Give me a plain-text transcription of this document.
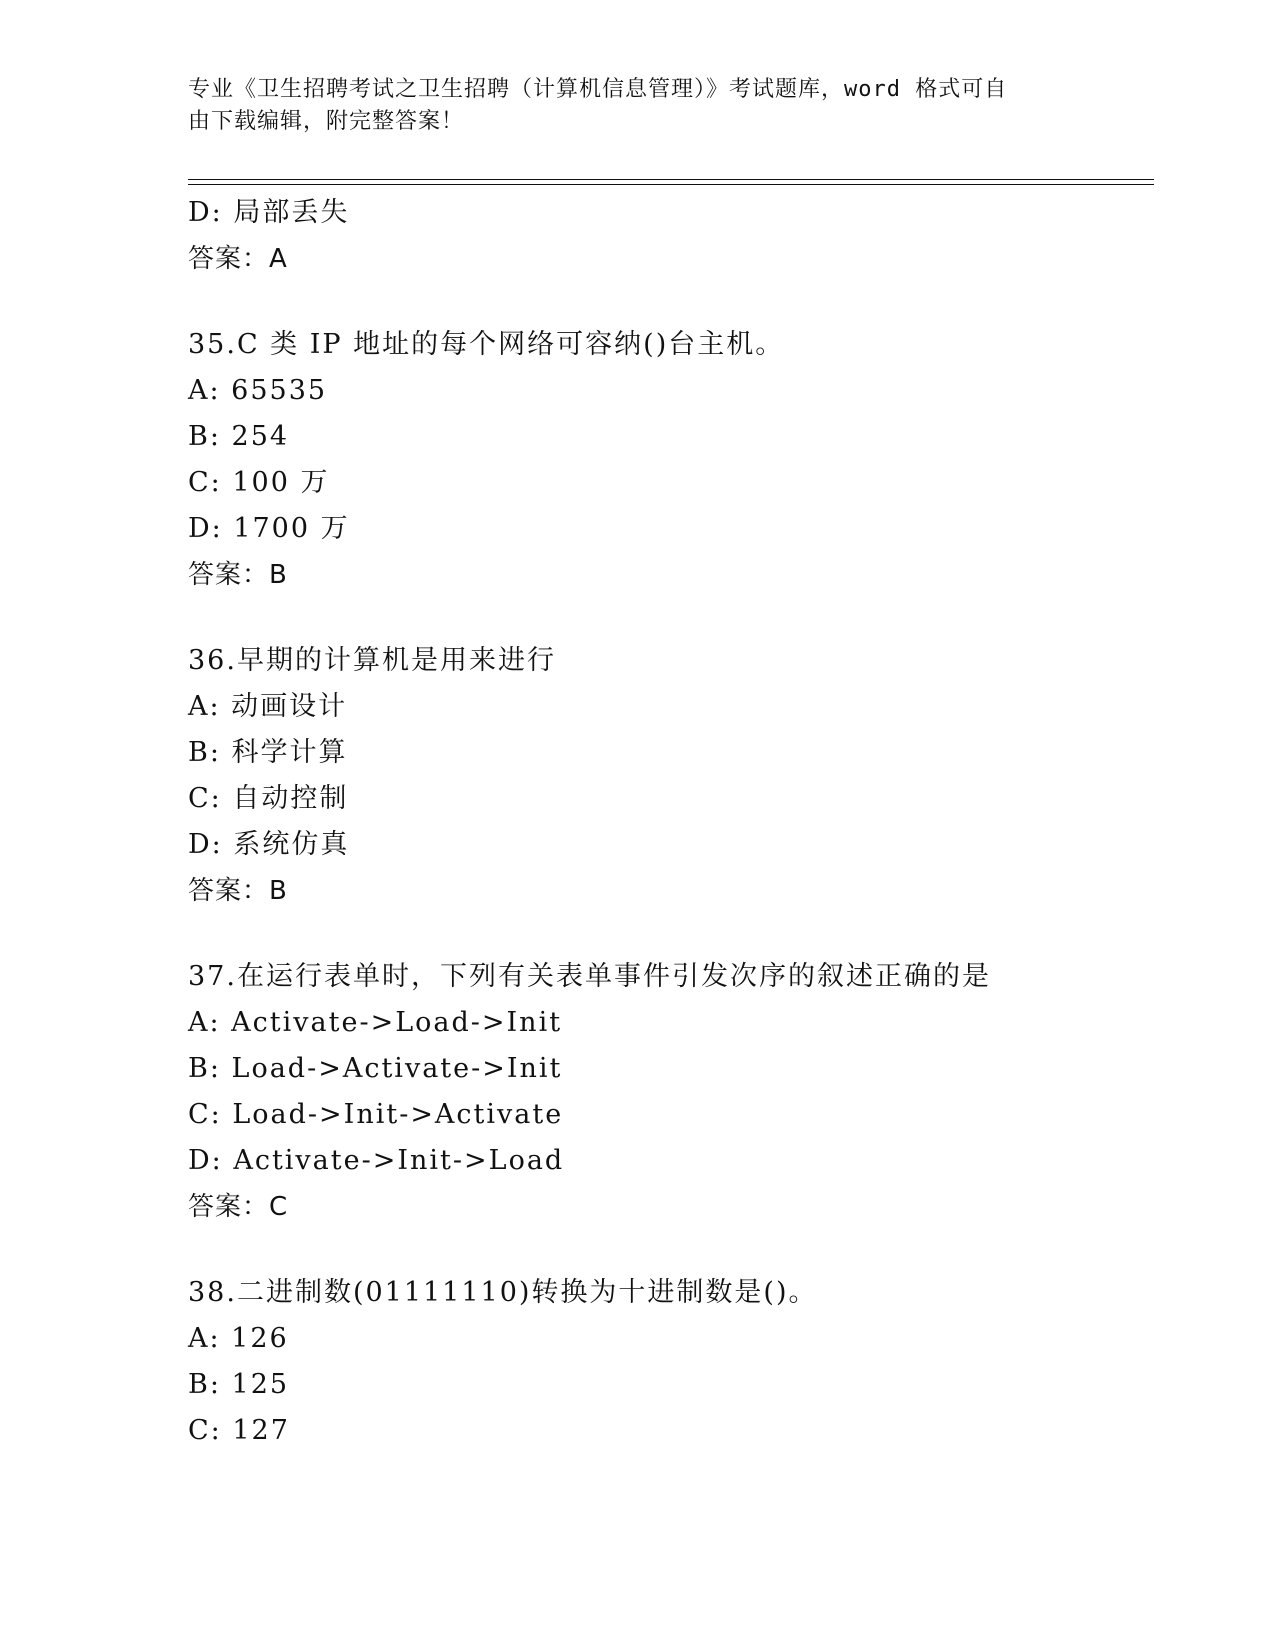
专业《卫生招聘考试之卫生招聘（计算机信息管理）》考试题库，word 格式可自
由下载编辑，附完整答案！
D: 局部丢失
答案：A
35.C 类 IP 地址的每个网络可容纳()台主机。
A: 65535
B: 254
C: 100 万
D: 1700 万
答案：B
36.早期的计算机是用来进行
A: 动画设计
B: 科学计算
C: 自动控制
D: 系统仿真
答案：B
37.在运行表单时，下列有关表单事件引发次序的叙述正确的是
A: Activate->Load->Init
B: Load->Activate->Init
C: Load->Init->Activate
D: Activate->Init->Load
答案：C
38.二进制数(01111110)转换为十进制数是()。
A: 126
B: 125
C: 127
